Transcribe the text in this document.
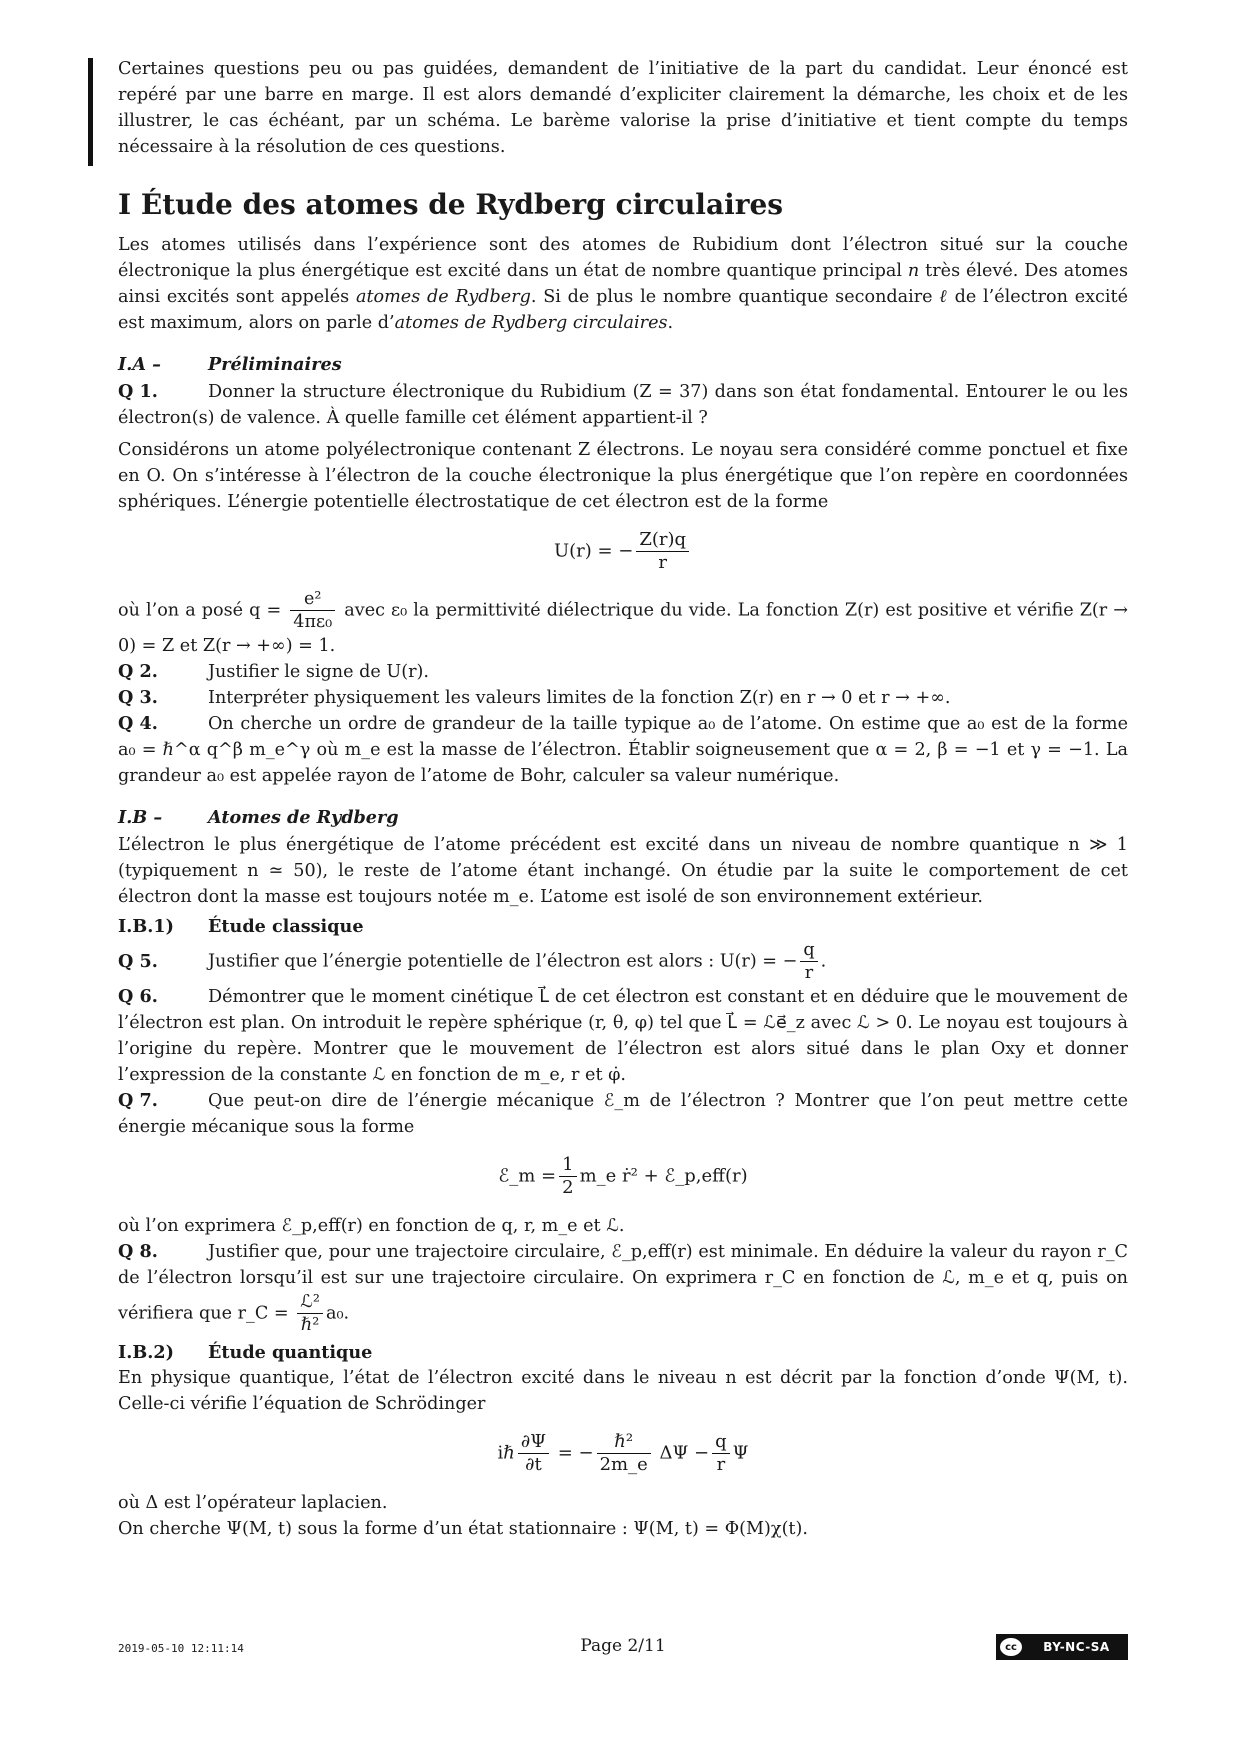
Certaines questions peu ou pas guidées, demandent de l’initiative de la part du candidat. Leur énoncé est repéré par une barre en marge. Il est alors demandé d’expliciter clairement la démarche, les choix et de les illustrer, le cas échéant, par un schéma. Le barème valorise la prise d’initiative et tient compte du temps nécessaire à la résolution de ces questions.

I Étude des atomes de Rydberg circulaires

Les atomes utilisés dans l’expérience sont des atomes de Rubidium dont l’électron situé sur la couche électronique la plus énergétique est excité dans un état de nombre quantique principal n très élevé. Des atomes ainsi excités sont appelés atomes de Rydberg. Si de plus le nombre quantique secondaire ℓ de l’électron excité est maximum, alors on parle d’atomes de Rydberg circulaires.

I.A –	Préliminaires

Q 1.	Donner la structure électronique du Rubidium (Z = 37) dans son état fondamental. Entourer le ou les électron(s) de valence. À quelle famille cet élément appartient-il ?

Considérons un atome polyélectronique contenant Z électrons. Le noyau sera considéré comme ponctuel et fixe en O. On s’intéresse à l’électron de la couche électronique la plus énergétique que l’on repère en coordonnées sphériques. L’énergie potentielle électrostatique de cet électron est de la forme

U(r) = − $\frac{Z(r)q}{r}$

où l’on a posé $q = \frac{\text{e²}}{\text{4πε₀}}$ avec ε₀ la permittivité diélectrique du vide. La fonction Z(r) est positive et vérifie Z(r → 0) = Z et Z(r → +∞) = 1.

Q 2.	Justifier le signe de U(r).

Q 3.	Interpréter physiquement les valeurs limites de la fonction Z(r) en r → 0 et r → +∞.

Q 4.	On cherche un ordre de grandeur de la taille typique a₀ de l’atome. On estime que a₀ est de la forme a₀ = ℏ^α q^β m_e^γ où m_e est la masse de l’électron. Établir soigneusement que α = 2, β = −1 et γ = −1. La grandeur a₀ est appelée rayon de l’atome de Bohr, calculer sa valeur numérique.

I.B –	Atomes de Rydberg

L’électron le plus énergétique de l’atome précédent est excité dans un niveau de nombre quantique n ≫ 1 (typiquement n ≃ 50), le reste de l’atome étant inchangé. On étudie par la suite le comportement de cet électron dont la masse est toujours notée m_e. L’atome est isolé de son environnement extérieur.

I.B.1) Étude classique

Q 5.	Justifier que l’énergie potentielle de l’électron est alors : U(r) = − $\frac{q}{r}$ .

Q 6.	Démontrer que le moment cinétique L⃗ de cet électron est constant et en déduire que le mouvement de l’électron est plan. On introduit le repère sphérique (r, θ, φ) tel que L⃗ = ℒe⃗_z avec ℒ > 0. Le noyau est toujours à l’origine du repère. Montrer que le mouvement de l’électron est alors situé dans le plan Oxy et donner l’expression de la constante ℒ en fonction de m_e, r et φ̇.

Q 7.	Que peut-on dire de l’énergie mécanique ℰ_m de l’électron ? Montrer que l’on peut mettre cette énergie mécanique sous la forme

ℰ_m = $\frac{1}{2}$ m_e ṙ² + ℰ_p,eff(r)

où l’on exprimera ℰ_p,eff(r) en fonction de q, r, m_e et ℒ.

Q 8.	Justifier que, pour une trajectoire circulaire, ℰ_p,eff(r) est minimale. En déduire la valeur du rayon r_C de l’électron lorsqu’il est sur une trajectoire circulaire. On exprimera r_C en fonction de ℒ, m_e et q, puis on vérifiera que r_C = $\frac{\text{ℒ²}}{\text{ℏ²}} a_0$.

I.B.2) Étude quantique

En physique quantique, l’état de l’électron excité dans le niveau n est décrit par la fonction d’onde Ψ(M, t). Celle-ci vérifie l’équation de Schrödinger

iℏ $\frac{\partial\Psi}{\partial t}$ = − $\frac{\text{ℏ²}}{2m\_e}$ $\Delta\Psi - \frac{q}{r}$ Ψ

où Δ est l’opérateur laplacien.

On cherche Ψ(M, t) sous la forme d’un état stationnaire : Ψ(M, t) = Φ(M)χ(t).

2019-05-10 12:11:14	Page 2/11	cc	BY-NC-SA
